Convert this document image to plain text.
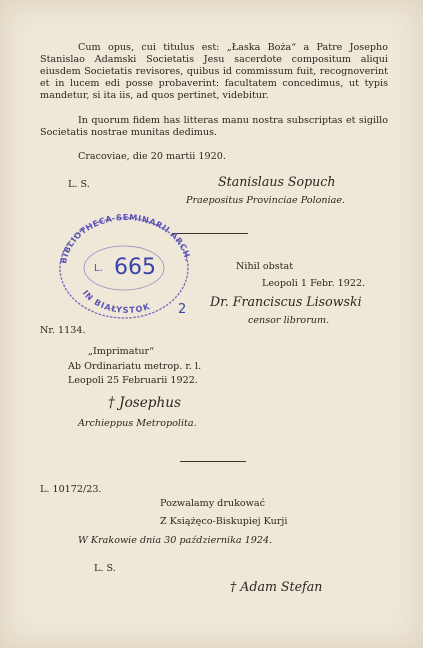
Cum opus, cui titulus est: „Łaska Boża“ a Patre Josepho Stanislao Adamski Societatis Jesu sacerdote compositum aliqui eiusdem Societatis revisores, quibus id commissum fuit, recognoverint et in lucem edi posse probaverint: facultatem concedimus, ut typis mandetur, si ita iis, ad quos pertinet, videbitur.
In quorum fidem has litteras manu nostra subscriptas et sigillo Societatis nostrae munitas dedimus.
Cracoviae, die 20 martii 1920.
L. S.	Stanislaus Sopuch
Praepositus Provinciae Poloniae.
BIBLIOTHECA SEMINARII ARCH.
IN BIAŁYSTOK
L. 665
2
Nihil obstat
Leopoli 1 Febr. 1922.
Dr. Franciscus Lisowski
censor librorum.
Nr. 1134.
„Imprimatur“
Ab Ordinariatu metrop. r. l.
Leopoli 25 Februarii 1922.
† Josephus
Archieppus Metropolita.
L. 10172/23.
Pozwalamy drukować
Z Książęco-Biskupiej Kurji
W Krakowie dnia 30 października 1924.
L. S.
† Adam Stefan
